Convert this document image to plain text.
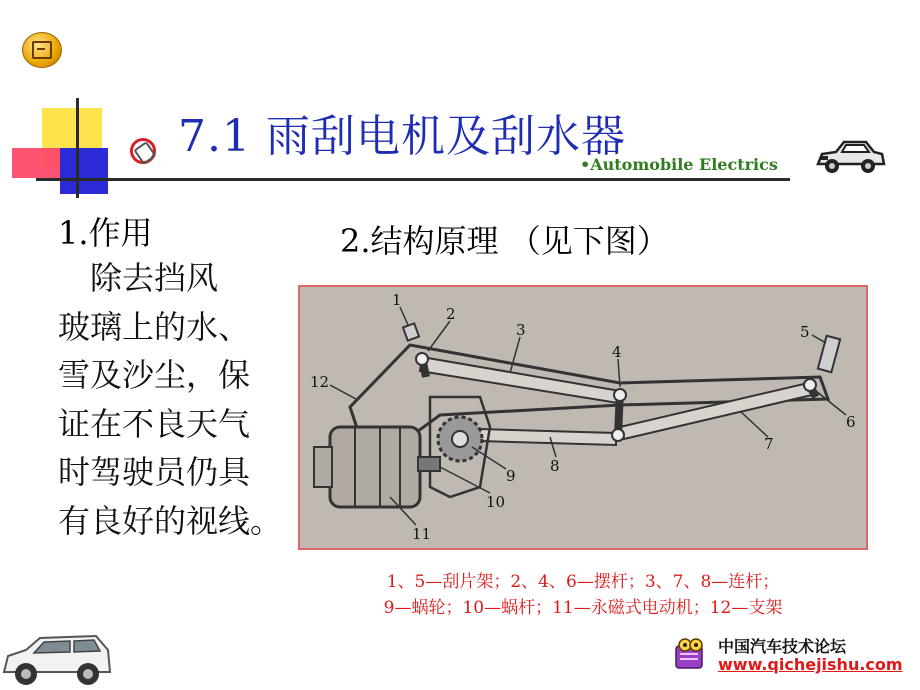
7.1 雨刮电机及刮水器
•Automobile Electrics
1.作用

　除去挡风

玻璃上的水、

雪及沙尘，保

证在不良天气

时驾驶员仍具

有良好的视线。

2.结构原理 （见下图）
1
2
3
4
5
6
7
8
9
10
11
12
1、5—刮片架；2、4、6—摆杆；3、7、8—连杆；
9—蜗轮；10—蜗杆；11—永磁式电动机；12—支架
中国汽车技术论坛
www.qichejishu.com
